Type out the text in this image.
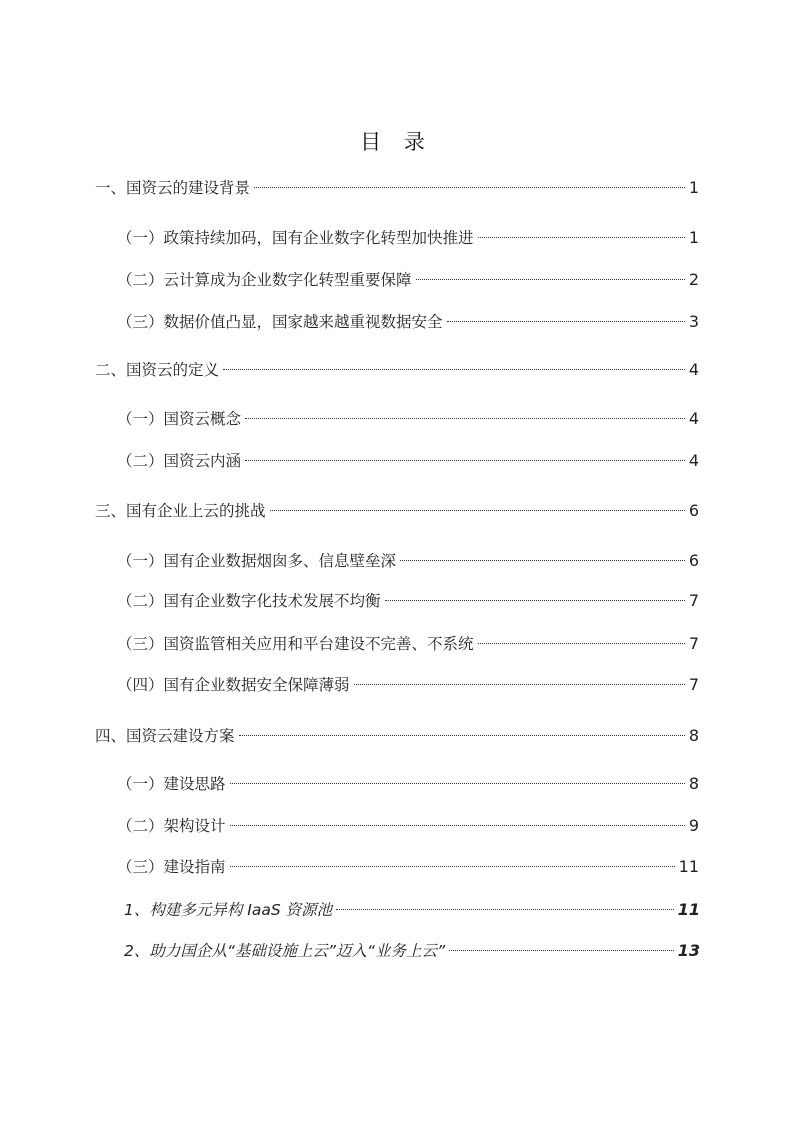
目 录
一、国资云的建设背景	1
（一）政策持续加码，国有企业数字化转型加快推进	1
（二）云计算成为企业数字化转型重要保障	2
（三）数据价值凸显，国家越来越重视数据安全	3
二、国资云的定义	4
（一）国资云概念	4
（二）国资云内涵	4
三、国有企业上云的挑战	6
（一）国有企业数据烟囱多、信息壁垒深	6
（二）国有企业数字化技术发展不均衡	7
（三）国资监管相关应用和平台建设不完善、不系统	7
（四）国有企业数据安全保障薄弱	7
四、国资云建设方案	8
（一）建设思路	8
（二）架构设计	9
（三）建设指南	11
1、构建多元异构 IaaS 资源池	11
2、助力国企从“基础设施上云”迈入“业务上云”	13
